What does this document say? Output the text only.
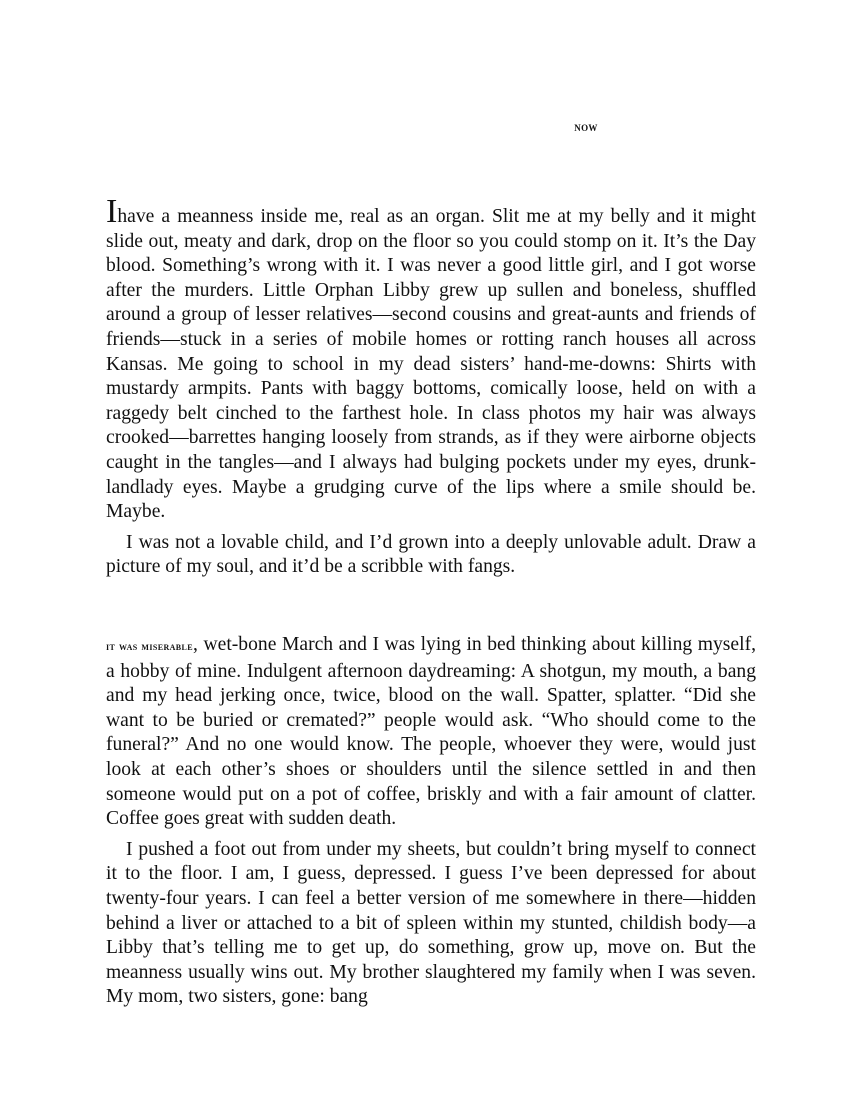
NOW

Ihave a meanness inside me, real as an organ. Slit me at my belly and it might slide out, meaty and dark, drop on the floor so you could stomp on it. It’s the Day blood. Something’s wrong with it. I was never a good little girl, and I got worse after the murders. Little Orphan Libby grew up sullen and boneless, shuffled around a group of lesser relatives—second cousins and great-aunts and friends of friends—stuck in a series of mobile homes or rotting ranch houses all across Kansas. Me going to school in my dead sisters’ hand-me-downs: Shirts with mustardy armpits. Pants with baggy bottoms, comically loose, held on with a raggedy belt cinched to the farthest hole. In class photos my hair was always crooked—barrettes hanging loosely from strands, as if they were airborne objects caught in the tangles—and I always had bulging pockets under my eyes, drunk-landlady eyes. Maybe a grudging curve of the lips where a smile should be. Maybe.

I was not a lovable child, and I’d grown into a deeply unlovable adult. Draw a picture of my soul, and it’d be a scribble with fangs.

it was miserable, wet-bone March and I was lying in bed thinking about killing myself, a hobby of mine. Indulgent afternoon daydreaming: A shotgun, my mouth, a bang and my head jerking once, twice, blood on the wall. Spatter, splatter. “Did she want to be buried or cremated?” people would ask. “Who should come to the funeral?” And no one would know. The people, whoever they were, would just look at each other’s shoes or shoulders until the silence settled in and then someone would put on a pot of coffee, briskly and with a fair amount of clatter. Coffee goes great with sudden death.

I pushed a foot out from under my sheets, but couldn’t bring myself to connect it to the floor. I am, I guess, depressed. I guess I’ve been depressed for about twenty-four years. I can feel a better version of me somewhere in there—hidden behind a liver or attached to a bit of spleen within my stunted, childish body—a Libby that’s telling me to get up, do something, grow up, move on. But the meanness usually wins out. My brother slaughtered my family when I was seven. My mom, two sisters, gone: bang
